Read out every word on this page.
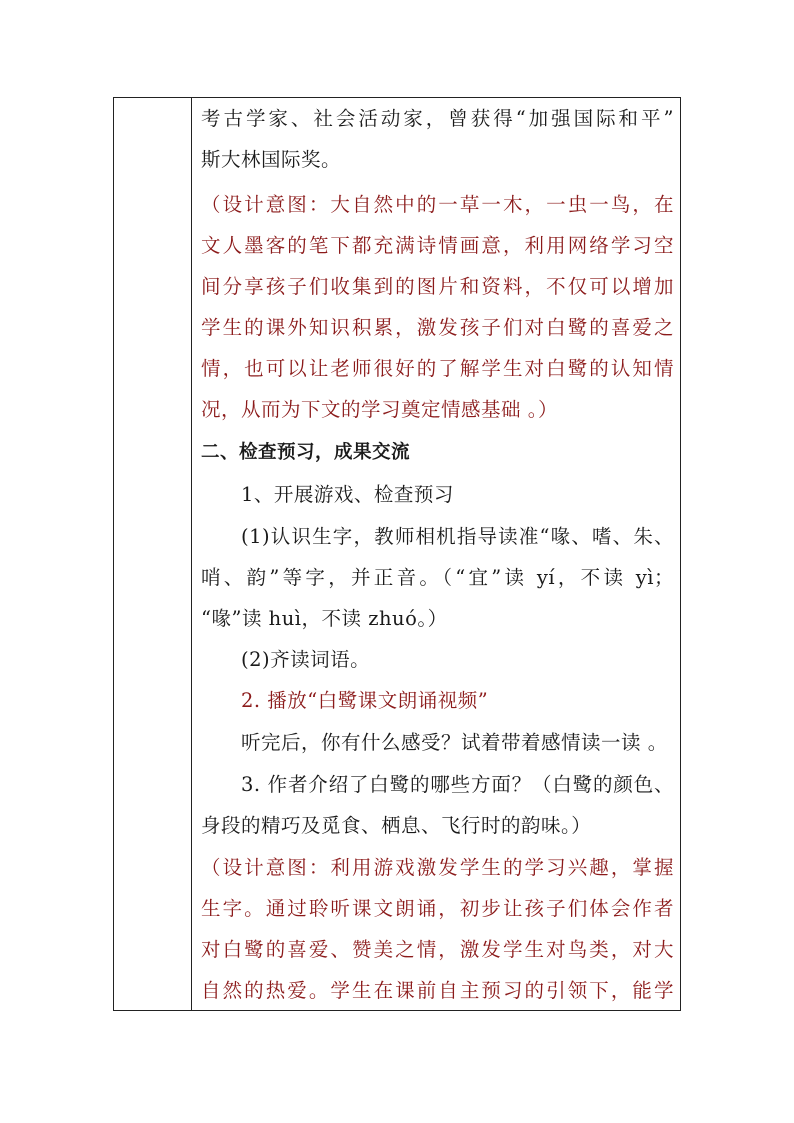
考古学家、社会活动家，曾获得“加强国际和平”
斯大林国际奖。
（设计意图：大自然中的一草一木，一虫一鸟，在
文人墨客的笔下都充满诗情画意，利用网络学习空
间分享孩子们收集到的图片和资料，不仅可以增加
学生的课外知识积累，激发孩子们对白鹭的喜爱之
情，也可以让老师很好的了解学生对白鹭的认知情
况，从而为下文的学习奠定情感基础 。）
二、检查预习，成果交流
1、开展游戏、检查预习
(1)认识生字，教师相机指导读准“喙、嗜、朱、
哨、韵”等字，并正音。（“宜”读 yí，不读 yì；
“喙”读 huì，不读 zhuó。）
(2)齐读词语。
2. 播放“白鹭课文朗诵视频”
听完后，你有什么感受？试着带着感情读一读 。
3. 作者介绍了白鹭的哪些方面？（白鹭的颜色、
身段的精巧及觅食、栖息、飞行时的韵味。）
（设计意图：利用游戏激发学生的学习兴趣，掌握
生字。通过聆听课文朗诵，初步让孩子们体会作者
对白鹭的喜爱、赞美之情，激发学生对鸟类，对大
自然的热爱。学生在课前自主预习的引领下，能学
